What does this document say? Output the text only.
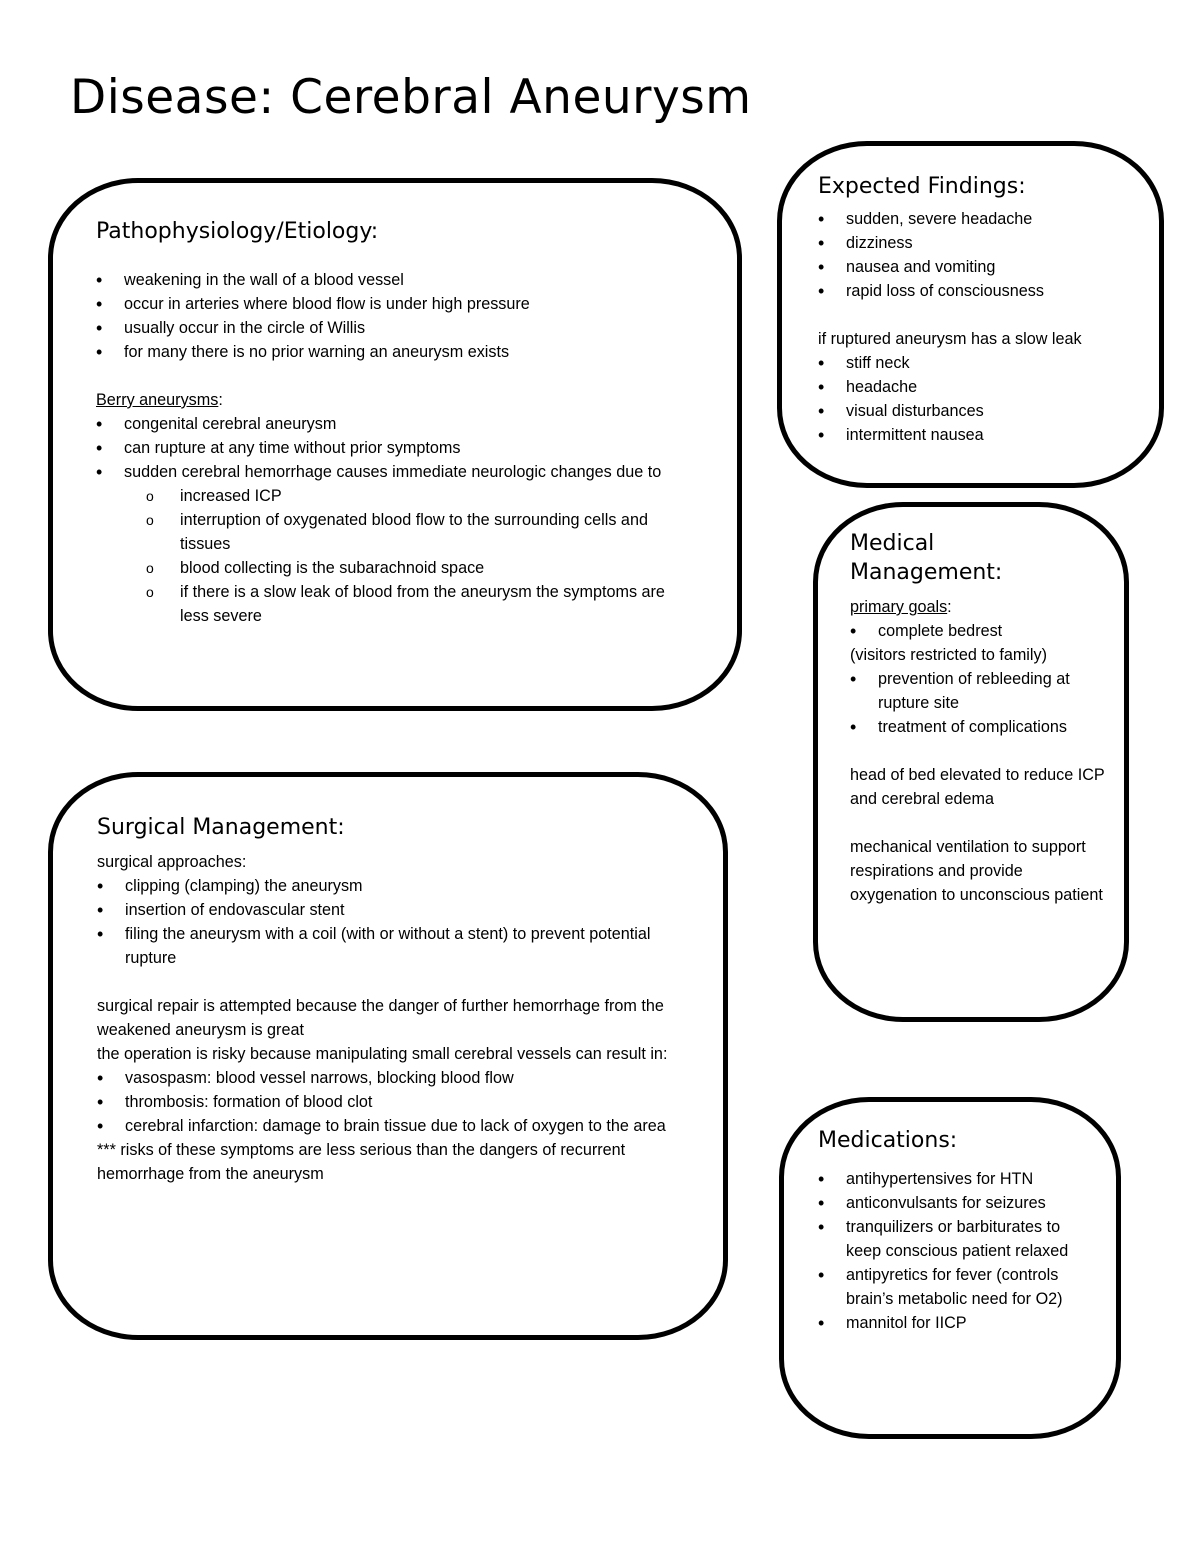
Disease: Cerebral Aneurysm
Pathophysiology/Etiology:
• weakening in the wall of a blood vessel
• occur in arteries where blood flow is under high pressure
• usually occur in the circle of Willis
• for many there is no prior warning an aneurysm exists

Berry aneurysms:

• congenital cerebral aneurysm
• can rupture at any time without prior symptoms
• sudden cerebral hemorrhage causes immediate neurologic changes due to
o increased ICP
o interruption of oxygenated blood flow to the surrounding cells and tissues
o blood collecting is the subarachnoid space
o if there is a slow leak of blood from the aneurysm the symptoms are less severe
Expected Findings:
• sudden, severe headache
• dizziness
• nausea and vomiting
• rapid loss of consciousness

if ruptured aneurysm has a slow leak

• stiff neck
• headache
• visual disturbances
• intermittent nausea
Medical Management:

primary goals:

• complete bedrest

(visitors restricted to family)

• prevention of rebleeding at rupture site
• treatment of complications

head of bed elevated to reduce ICP and cerebral edema

mechanical ventilation to support respirations and provide oxygenation to unconscious patient

Surgical Management:

surgical approaches:

• clipping (clamping) the aneurysm
• insertion of endovascular stent
• filing the aneurysm with a coil (with or without a stent) to prevent potential rupture

surgical repair is attempted because the danger of further hemorrhage from the weakened aneurysm is great

the operation is risky because manipulating small cerebral vessels can result in:

• vasospasm: blood vessel narrows, blocking blood flow
• thrombosis: formation of blood clot
• cerebral infarction: damage to brain tissue due to lack of oxygen to the area

*** risks of these symptoms are less serious than the dangers of recurrent hemorrhage from the aneurysm

Medications:
• antihypertensives for HTN
• anticonvulsants for seizures
• tranquilizers or barbiturates to keep conscious patient relaxed
• antipyretics for fever (controls brain’s metabolic need for O2)
• mannitol for IICP
